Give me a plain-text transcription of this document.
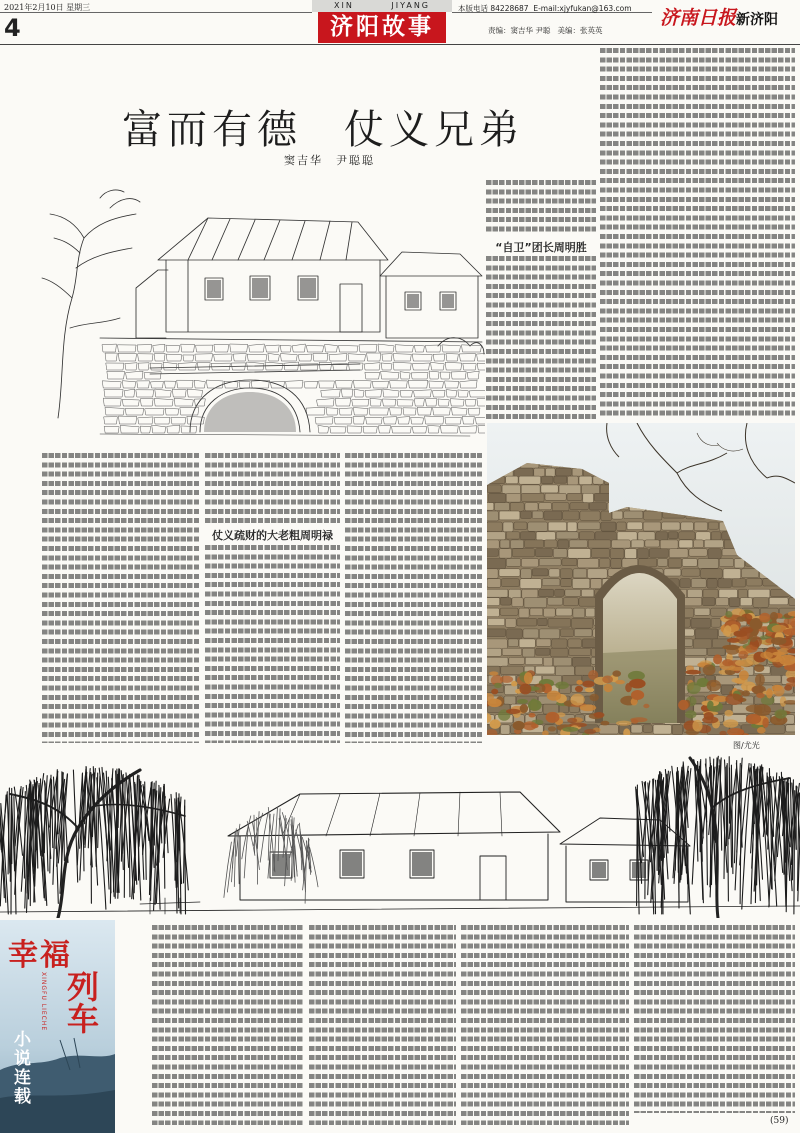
2021年2月10日 星期三
4
XIN	JIYANG
济阳故事
本版电话 84228687 E-mail:xjyfukan@163.com
责编：窦吉华 尹聪 美编：张英英
济南日报新济阳
富而有德 仗义兄弟
窦吉华　尹聪聪
“自卫”团长周明胜
仗义疏财的大老粗周明禄
图/尤光
幸福
列车
XINGFU LIECHE
小说连载
(59)
